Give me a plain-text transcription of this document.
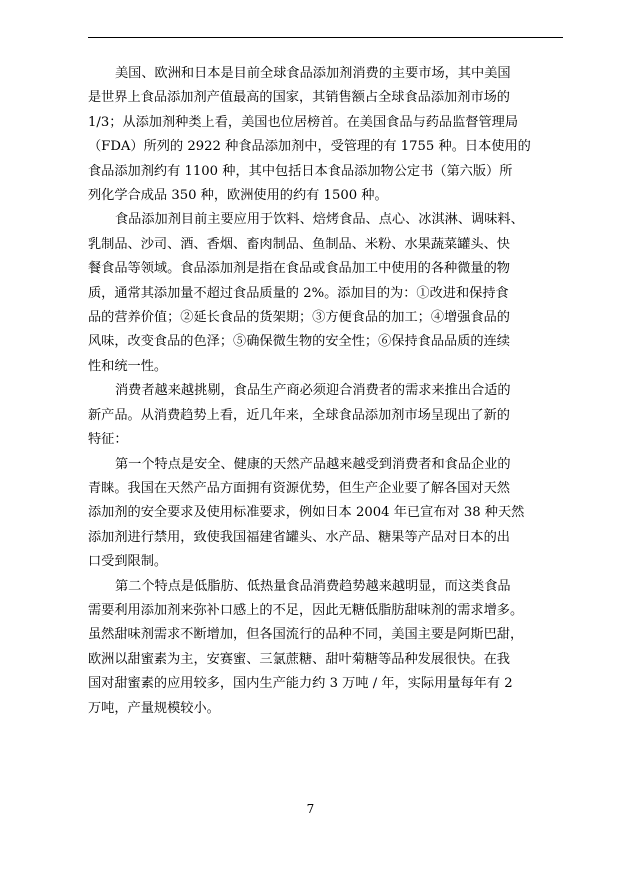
美国、欧洲和日本是目前全球食品添加剂消费的主要市场，其中美国
是世界上食品添加剂产值最高的国家，其销售额占全球食品添加剂市场的
1/3；从添加剂种类上看，美国也位居榜首。在美国食品与药品监督管理局
（FDA）所列的 2922 种食品添加剂中，受管理的有 1755 种。日本使用的
食品添加剂约有 1100 种，其中包括日本食品添加物公定书（第六版）所
列化学合成品 350 种，欧洲使用的约有 1500 种。

食品添加剂目前主要应用于饮料、焙烤食品、点心、冰淇淋、调味料、
乳制品、沙司、酒、香烟、畜肉制品、鱼制品、米粉、水果蔬菜罐头、快
餐食品等领域。食品添加剂是指在食品或食品加工中使用的各种微量的物
质，通常其添加量不超过食品质量的 2%。添加目的为：①改进和保持食
品的营养价值；②延长食品的货架期；③方便食品的加工；④增强食品的
风味，改变食品的色泽；⑤确保微生物的安全性；⑥保持食品品质的连续
性和统一性。

消费者越来越挑剔，食品生产商必须迎合消费者的需求来推出合适的
新产品。从消费趋势上看，近几年来，全球食品添加剂市场呈现出了新的
特征：

第一个特点是安全、健康的天然产品越来越受到消费者和食品企业的
青睐。我国在天然产品方面拥有资源优势，但生产企业要了解各国对天然
添加剂的安全要求及使用标准要求，例如日本 2004 年已宣布对 38 种天然
添加剂进行禁用，致使我国福建省罐头、水产品、糖果等产品对日本的出
口受到限制。

第二个特点是低脂肪、低热量食品消费趋势越来越明显，而这类食品
需要利用添加剂来弥补口感上的不足，因此无糖低脂肪甜味剂的需求增多。
虽然甜味剂需求不断增加，但各国流行的品种不同，美国主要是阿斯巴甜，
欧洲以甜蜜素为主，安赛蜜、三氯蔗糖、甜叶菊糖等品种发展很快。在我
国对甜蜜素的应用较多，国内生产能力约 3 万吨 / 年，实际用量每年有 2
万吨，产量规模较小。

7
